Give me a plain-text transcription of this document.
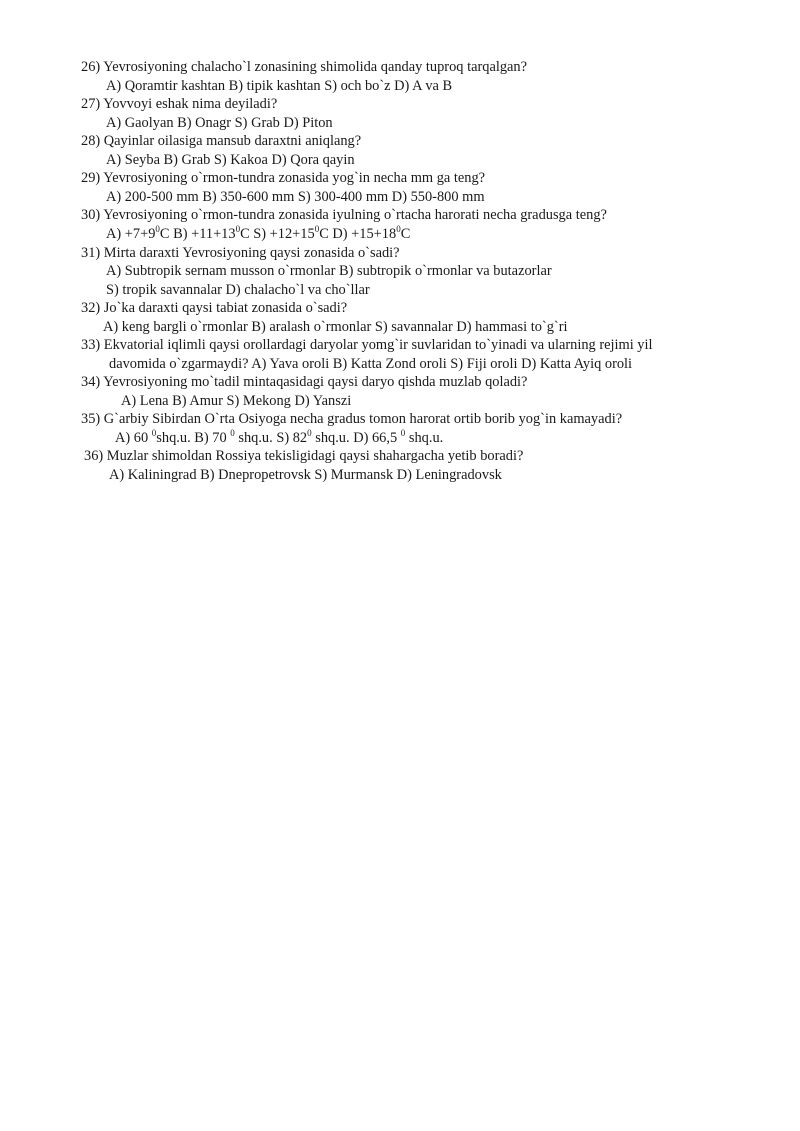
26) Yevrosiyoning chalacho`l zonasining shimolida qanday tuproq tarqalgan?
A) Qoramtir kashtan B) tipik kashtan S) och bo`z D) A va B
27) Yovvoyi eshak nima deyiladi?
A) Gaolyan B) Onagr S) Grab D) Piton
28) Qayinlar oilasiga mansub daraxtni aniqlang?
A) Seyba B) Grab S) Kakoa D) Qora qayin
29) Yevrosiyoning o`rmon-tundra zonasida yog`in necha mm ga teng?
A) 200-500 mm B) 350-600 mm S) 300-400 mm D) 550-800 mm
30) Yevrosiyoning o`rmon-tundra zonasida iyulning o`rtacha harorati necha gradusga teng?
$A) +7+9^0C$ $B) +11+13^0C$ $S) +12+15^0C$ $D) +15+18^0C$
31) Mirta daraxti Yevrosiyoning qaysi zonasida o`sadi?
A) Subtropik sernam musson o`rmonlar B) subtropik o`rmonlar va butazorlar
S) tropik savannalar D) chalacho`l va cho`llar
32) Jo`ka daraxti qaysi tabiat zonasida o`sadi?
A) keng bargli o`rmonlar B) aralash o`rmonlar S) savannalar D) hammasi to`g`ri
33) Ekvatorial iqlimli qaysi orollardagi daryolar yomg`ir suvlaridan to`yinadi va ularning rejimi yil
davomida o`zgarmaydi? A) Yava oroli B) Katta Zond oroli S) Fiji oroli D) Katta Ayiq oroli
34) Yevrosiyoning mo`tadil mintaqasidagi qaysi daryo qishda muzlab qoladi?
A) Lena B) Amur S) Mekong D) Yanszi
35) G`arbiy Sibirdan O`rta Osiyoga necha gradus tomon harorat ortib borib yog`in kamayadi?
A) 60 $^0$shq.u. B) 70 $^0$ shq.u. S) $82^0$ shq.u. D) 66,5 $^0$ shq.u.
36) Muzlar shimoldan Rossiya tekisligidagi qaysi shahargacha yetib boradi?
A) Kaliningrad B) Dnepropetrovsk S) Murmansk D) Leningradovsk
